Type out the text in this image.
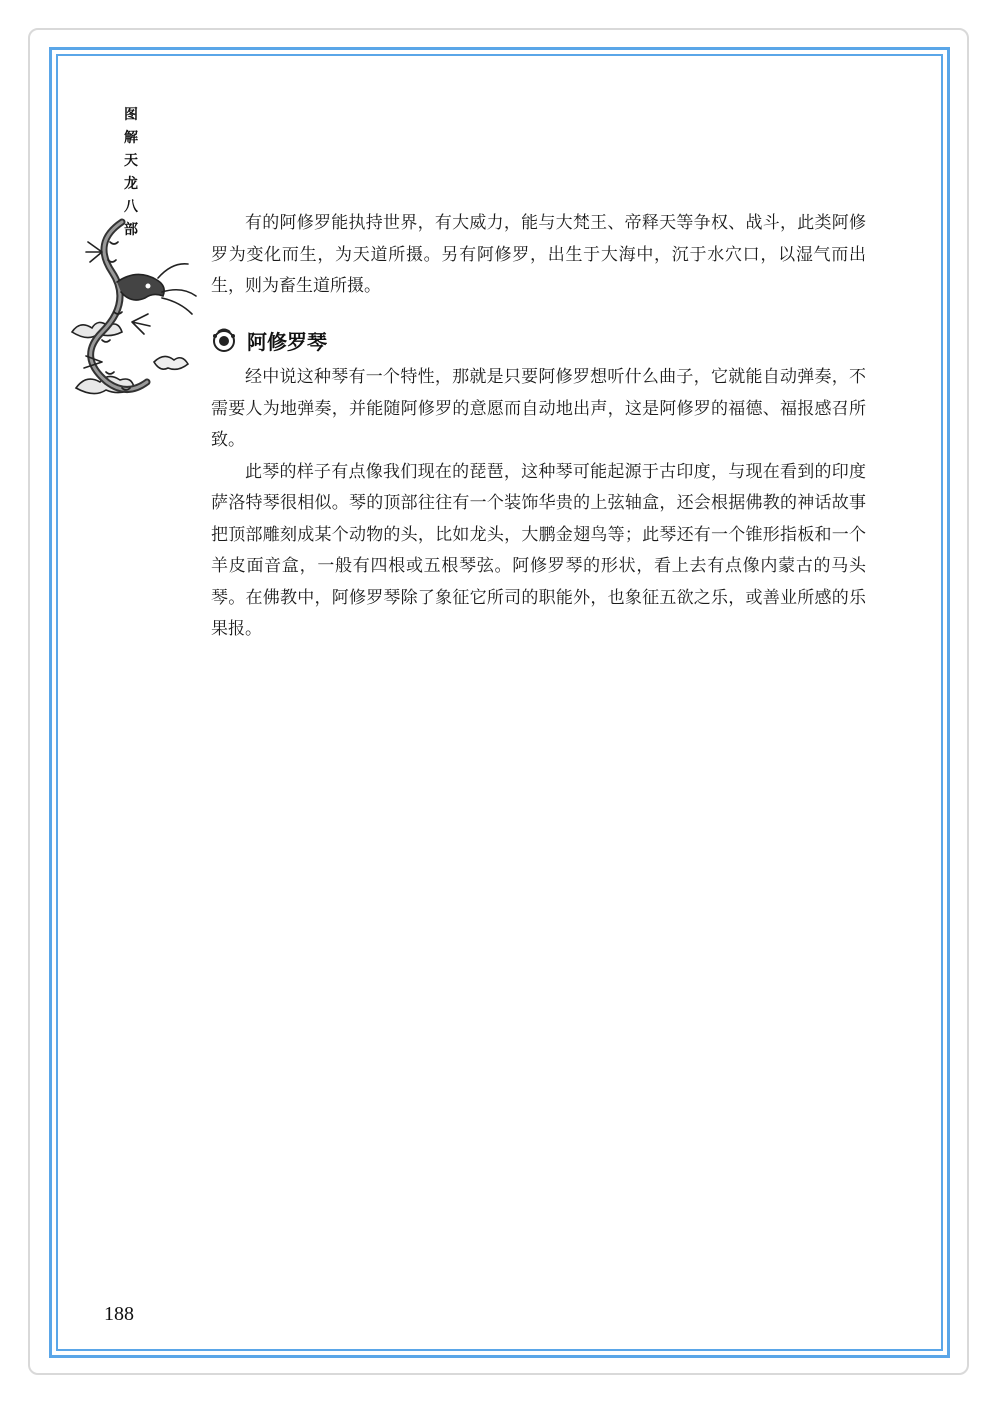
图
解
天
龙
八
部	有的阿修罗能执持世界，有大威力，能与大梵王、帝释天等争权、战斗，此类阿修罗为变化而生，为天道所摄。另有阿修罗，出生于大海中，沉于水穴口，以湿气而出生，则为畜生道所摄。

阿修罗琴

经中说这种琴有一个特性，那就是只要阿修罗想听什么曲子，它就能自动弹奏，不需要人为地弹奏，并能随阿修罗的意愿而自动地出声，这是阿修罗的福德、福报感召所致。

此琴的样子有点像我们现在的琵琶，这种琴可能起源于古印度，与现在看到的印度萨洛特琴很相似。琴的顶部往往有一个装饰华贵的上弦轴盒，还会根据佛教的神话故事把顶部雕刻成某个动物的头，比如龙头，大鹏金翅鸟等；此琴还有一个锥形指板和一个羊皮面音盒，一般有四根或五根琴弦。阿修罗琴的形状，看上去有点像内蒙古的马头琴。在佛教中，阿修罗琴除了象征它所司的职能外，也象征五欲之乐，或善业所感的乐果报。

188
